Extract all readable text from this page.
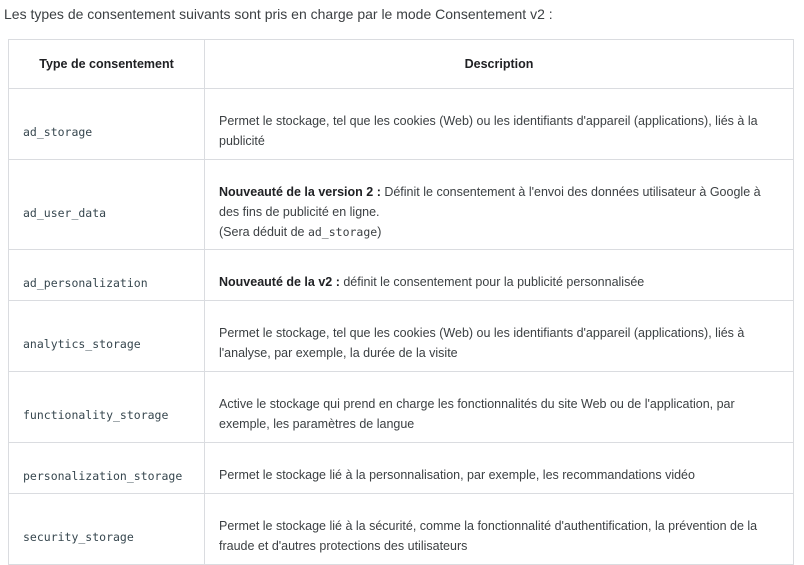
Les types de consentement suivants sont pris en charge par le mode Consentement v2 :

Type de consentement	Description

ad_storage	Permet le stockage, tel que les cookies (Web) ou les identifiants d'appareil (applications), liés à la publicité

ad_user_data	Nouveauté de la version 2 : Définit le consentement à l'envoi des données utilisateur à Google à des fins de publicité en ligne.
(Sera déduit de ad_storage)

ad_personalization	Nouveauté de la v2 : définit le consentement pour la publicité personnalisée

analytics_storage	Permet le stockage, tel que les cookies (Web) ou les identifiants d'appareil (applications), liés à l'analyse, par exemple, la durée de la visite

functionality_storage	Active le stockage qui prend en charge les fonctionnalités du site Web ou de l'application, par exemple, les paramètres de langue

personalization_storage	Permet le stockage lié à la personnalisation, par exemple, les recommandations vidéo

security_storage	Permet le stockage lié à la sécurité, comme la fonctionnalité d'authentification, la prévention de la fraude et d'autres protections des utilisateurs
